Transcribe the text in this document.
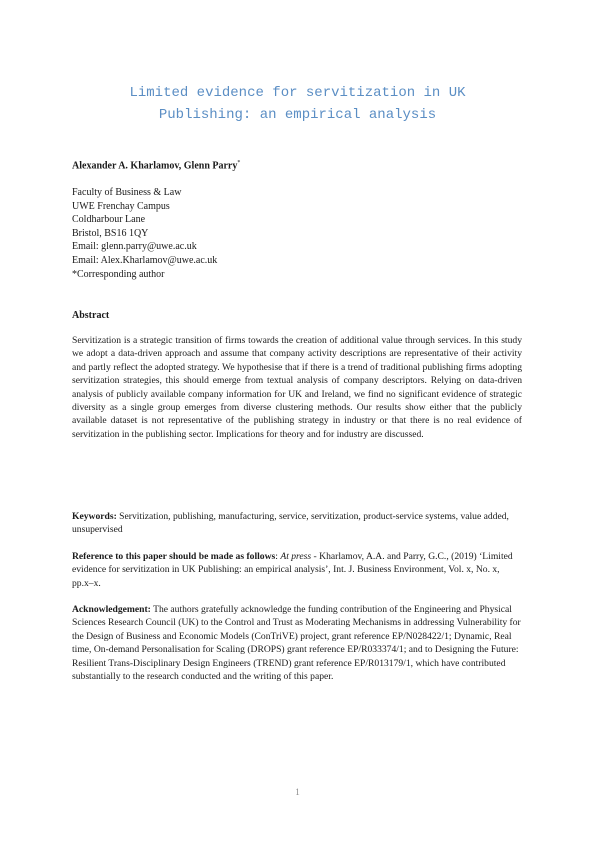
Limited evidence for servitization in UK
Publishing: an empirical analysis
Alexander A. Kharlamov, Glenn Parry*
Faculty of Business & Law
UWE Frenchay Campus
Coldharbour Lane
Bristol, BS16 1QY
Email: glenn.parry@uwe.ac.uk
Email: Alex.Kharlamov@uwe.ac.uk
*Corresponding author
Abstract
Servitization is a strategic transition of firms towards the creation of additional value through services. In this study we adopt a data-driven approach and assume that company activity descriptions are representative of their activity and partly reflect the adopted strategy. We hypothesise that if there is a trend of traditional publishing firms adopting servitization strategies, this should emerge from textual analysis of company descriptors. Relying on data-driven analysis of publicly available company information for UK and Ireland, we find no significant evidence of strategic diversity as a single group emerges from diverse clustering methods. Our results show either that the publicly available dataset is not representative of the publishing strategy in industry or that there is no real evidence of servitization in the publishing sector. Implications for theory and for industry are discussed.
Keywords: Servitization, publishing, manufacturing, service, servitization, product-service systems, value added, unsupervised
Reference to this paper should be made as follows: At press - Kharlamov, A.A. and Parry, G.C., (2019) ‘Limited evidence for servitization in UK Publishing: an empirical analysis’, Int. J. Business Environment, Vol. x, No. x, pp.x–x.
Acknowledgement: The authors gratefully acknowledge the funding contribution of the Engineering and Physical Sciences Research Council (UK) to the Control and Trust as Moderating Mechanisms in addressing Vulnerability for the Design of Business and Economic Models (ConTriVE) project, grant reference EP/N028422/1; Dynamic, Real time, On-demand Personalisation for Scaling (DROPS) grant reference EP/R033374/1; and to Designing the Future: Resilient Trans-Disciplinary Design Engineers (TREND) grant reference EP/R013179/1, which have contributed substantially to the research conducted and the writing of this paper.
1
